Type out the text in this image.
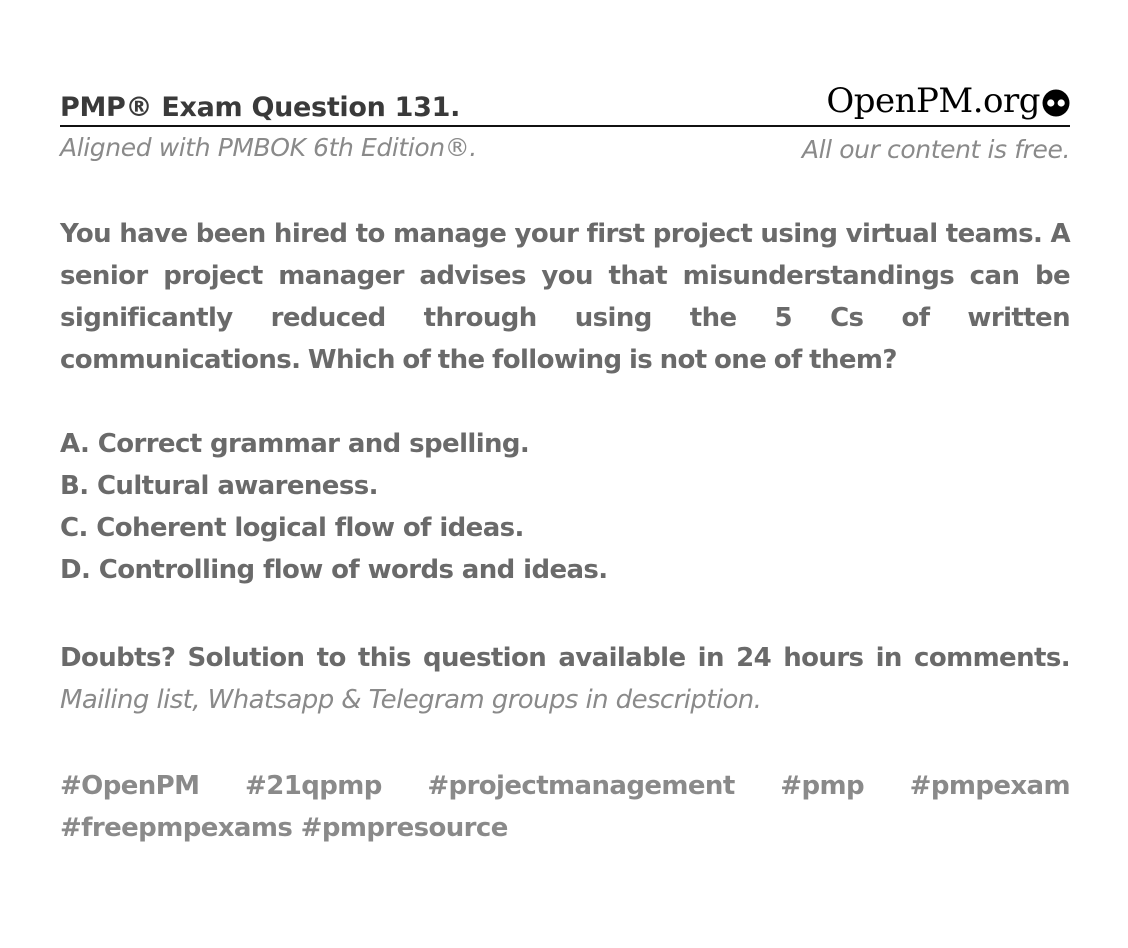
PMP® Exam Question 131.	OpenPM.org
Aligned with PMBOK 6th Edition®.	All our content is free.
You have been hired to manage your first project using virtual teams. A senior project manager advises you that misunderstandings can be significantly reduced through using the 5 Cs of written communications. Which of the following is not one of them?
A. Correct grammar and spelling.
B. Cultural awareness.
C. Coherent logical flow of ideas.
D. Controlling flow of words and ideas.
Doubts? Solution to this question available in 24 hours in comments. Mailing list, Whatsapp & Telegram groups in description.
#OpenPM #21qpmp #projectmanagement #pmp #pmpexam #freepmpexams #pmpresource
